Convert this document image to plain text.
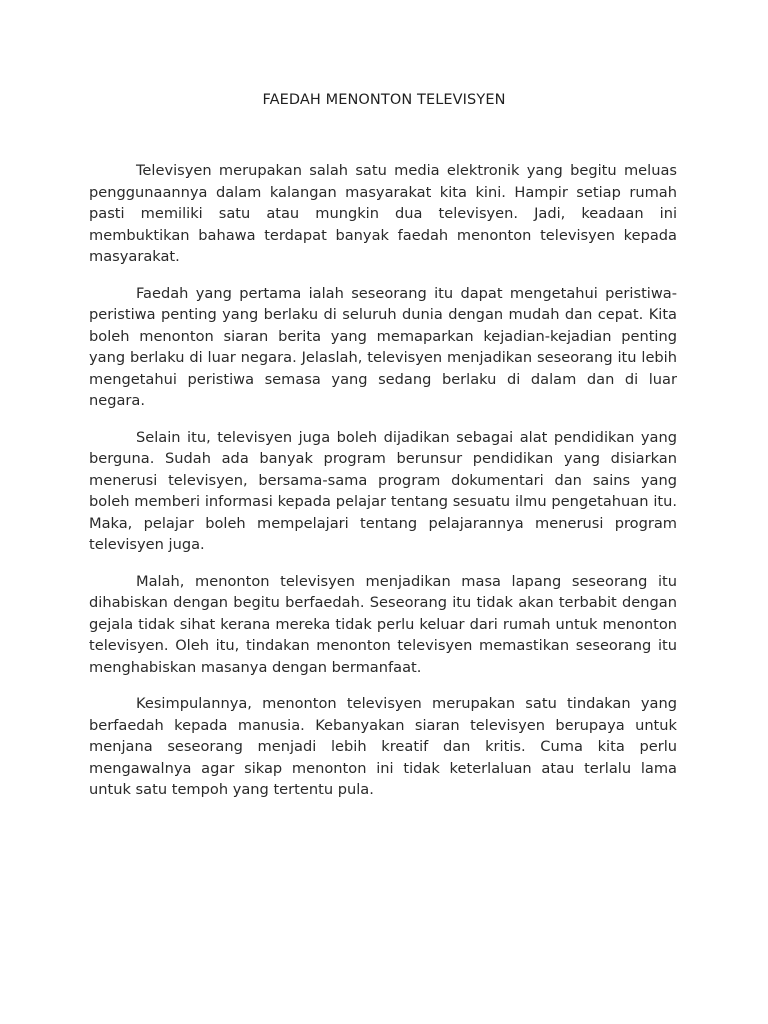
FAEDAH MENONTON TELEVISYEN

Televisyen merupakan salah satu media elektronik yang begitu meluas penggunaannya dalam kalangan masyarakat kita kini. Hampir setiap rumah pasti memiliki satu atau mungkin dua televisyen. Jadi, keadaan ini membuktikan bahawa terdapat banyak faedah menonton televisyen kepada masyarakat.

Faedah yang pertama ialah seseorang itu dapat mengetahui peristiwa-peristiwa penting yang berlaku di seluruh dunia dengan mudah dan cepat. Kita boleh menonton siaran berita yang memaparkan kejadian-kejadian penting yang berlaku di luar negara. Jelaslah, televisyen menjadikan seseorang itu lebih mengetahui peristiwa semasa yang sedang berlaku di dalam dan di luar negara.

Selain itu, televisyen juga boleh dijadikan sebagai alat pendidikan yang berguna. Sudah ada banyak program berunsur pendidikan yang disiarkan menerusi televisyen, bersama-sama program dokumentari dan sains yang boleh memberi informasi kepada pelajar tentang sesuatu ilmu pengetahuan itu. Maka, pelajar boleh mempelajari tentang pelajarannya menerusi program televisyen juga.

Malah, menonton televisyen menjadikan masa lapang seseorang itu dihabiskan dengan begitu berfaedah. Seseorang itu tidak akan terbabit dengan gejala tidak sihat kerana mereka tidak perlu keluar dari rumah untuk menonton televisyen. Oleh itu, tindakan menonton televisyen memastikan seseorang itu menghabiskan masanya dengan bermanfaat.

Kesimpulannya, menonton televisyen merupakan satu tindakan yang berfaedah kepada manusia. Kebanyakan siaran televisyen berupaya untuk menjana seseorang menjadi lebih kreatif dan kritis. Cuma kita perlu mengawalnya agar sikap menonton ini tidak keterlaluan atau terlalu lama untuk satu tempoh yang tertentu pula.
